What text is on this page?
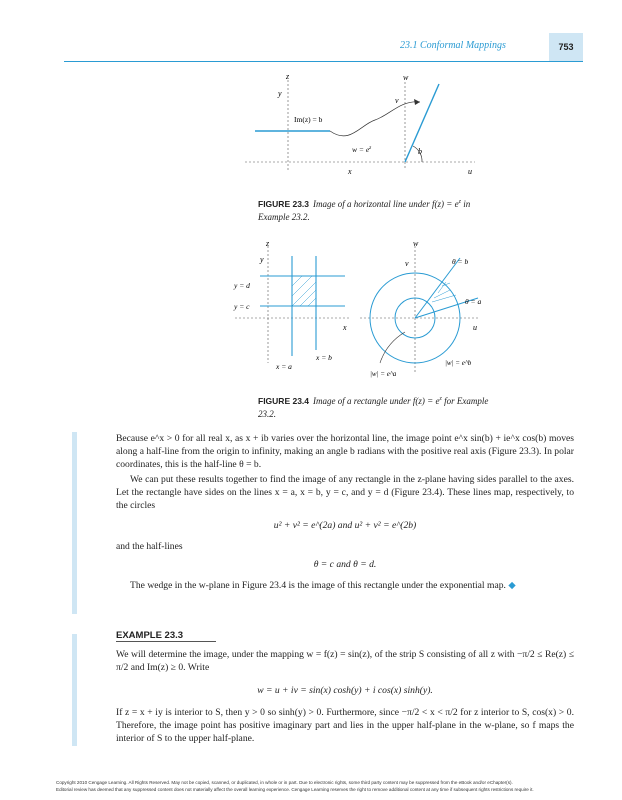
23.1 Conformal Mappings	753
z
y
x
Im(z) = b
w
v
u
b
$w = e^z$
FIGURE 23.3 Image of a horizontal line under $f(z) = e^z$ in Example 23.2.
z
y
x
y = d
y = c
x = a
x = b
w
v
u
θ = b
θ = a
|w| = e^a
|w| = e^b
FIGURE 23.4 Image of a rectangle under $f(z) = e^z$ for Example 23.2.
Because e^x > 0 for all real x, as x + ib varies over the horizontal line, the image point e^x sin(b) + ie^x cos(b) moves along a half-line from the origin to infinity, making an angle b radians with the positive real axis (Figure 23.3). In polar coordinates, this is the half-line θ = b.
We can put these results together to find the image of any rectangle in the z-plane having sides parallel to the axes. Let the rectangle have sides on the lines x = a, x = b, y = c, and y = d (Figure 23.4). These lines map, respectively, to the circles
u² + v² = e^(2a) and u² + v² = e^(2b)
and the half-lines
θ = c and θ = d.
The wedge in the w-plane in Figure 23.4 is the image of this rectangle under the exponential map. ◆
EXAMPLE 23.3
We will determine the image, under the mapping w = f(z) = sin(z), of the strip S consisting of all z with −π/2 ≤ Re(z) ≤ π/2 and Im(z) ≥ 0. Write
w = u + iv = sin(x) cosh(y) + i cos(x) sinh(y).
If z = x + iy is interior to S, then y > 0 so sinh(y) > 0. Furthermore, since −π/2 < x < π/2 for z interior to S, cos(x) > 0. Therefore, the image point has positive imaginary part and lies in the upper half-plane in the w-plane, so f maps the interior of S to the upper half-plane.
Copyright 2010 Cengage Learning. All Rights Reserved. May not be copied, scanned, or duplicated, in whole or in part. Due to electronic rights, some third party content may be suppressed from the eBook and/or eChapter(s).
Editorial review has deemed that any suppressed content does not materially affect the overall learning experience. Cengage Learning reserves the right to remove additional content at any time if subsequent rights restrictions require it.
